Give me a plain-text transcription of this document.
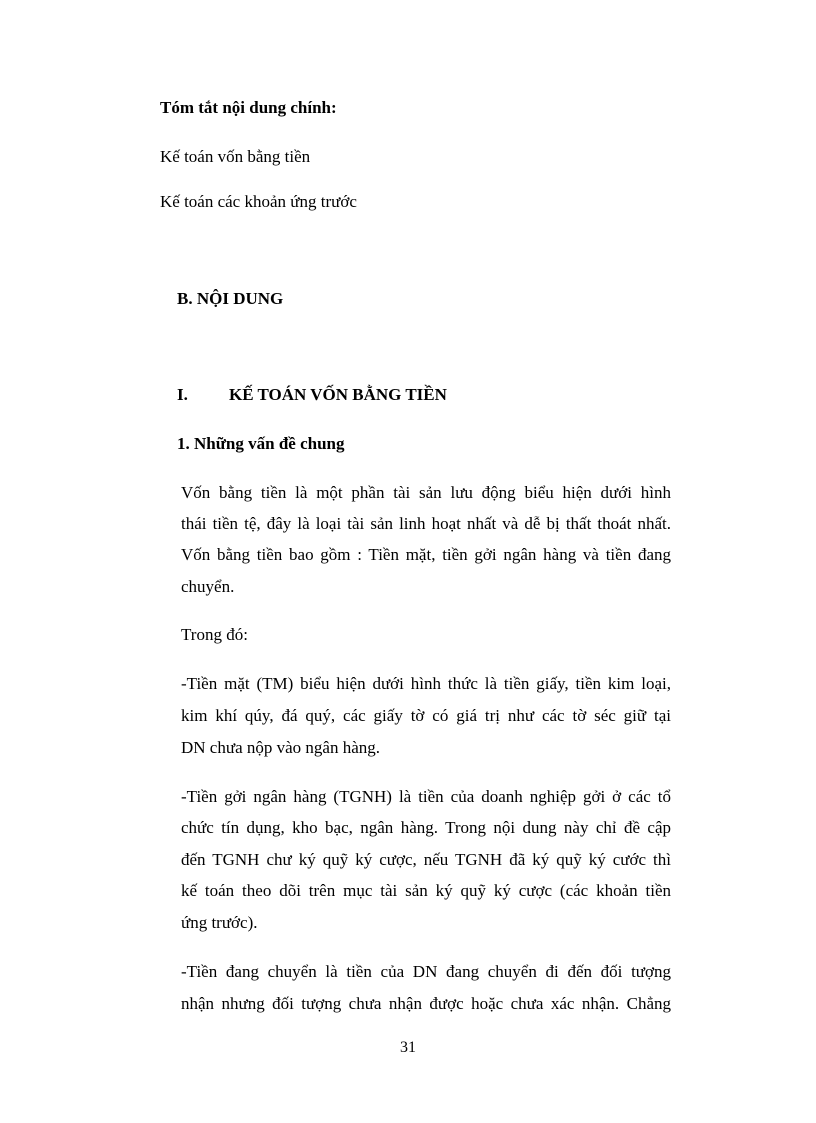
Tóm tắt nội dung chính:
Kế toán vốn bằng tiền
Kế toán các khoản ứng trước
B. NỘI DUNG
I. KẾ TOÁN VỐN BẰNG TIỀN
1. Những vấn đề chung
Vốn bằng tiền là một phần tài sản lưu động biểu hiện dưới hình
thái tiền tệ, đây là loại tài sản linh hoạt nhất và dễ bị thất thoát nhất.
Vốn bằng tiền bao gồm : Tiền mặt, tiền gởi ngân hàng và tiền đang
chuyển.
Trong đó:
-Tiền mặt (TM) biểu hiện dưới hình thức là tiền giấy, tiền kim loại,
kim khí qúy, đá quý, các giấy tờ có giá trị như các tờ séc giữ tại
DN chưa nộp vào ngân hàng.
-Tiền gởi ngân hàng (TGNH) là tiền của doanh nghiệp gởi ở các tổ
chức tín dụng, kho bạc, ngân hàng. Trong nội dung này chỉ đề cập
đến TGNH chư ký quỹ ký cược, nếu TGNH đã ký quỹ ký cước thì
kế toán theo dõi trên mục tài sản ký quỹ ký cược (các khoản tiền
ứng trước).
-Tiền đang chuyển là tiền của DN đang chuyển đi đến đối tượng
nhận nhưng đối tượng chưa nhận được hoặc chưa xác nhận. Chẳng
31
